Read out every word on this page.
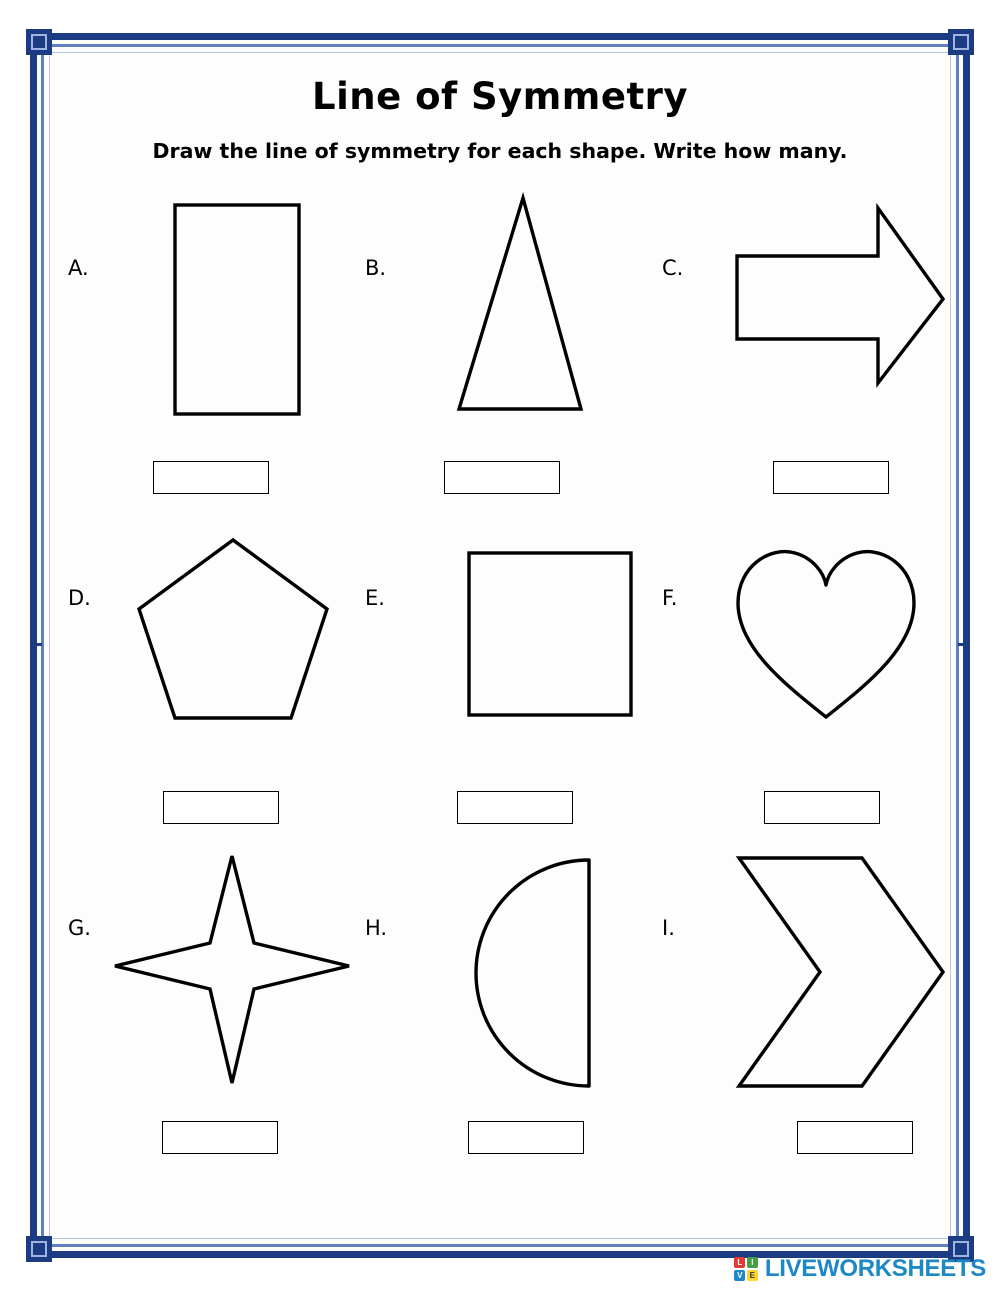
Line of Symmetry
Draw the line of symmetry for each shape. Write how many.
A.	B.	C.
D.	E.	F.
G.	H.	I.
L	I
V E LIVEWORKSHEETS
